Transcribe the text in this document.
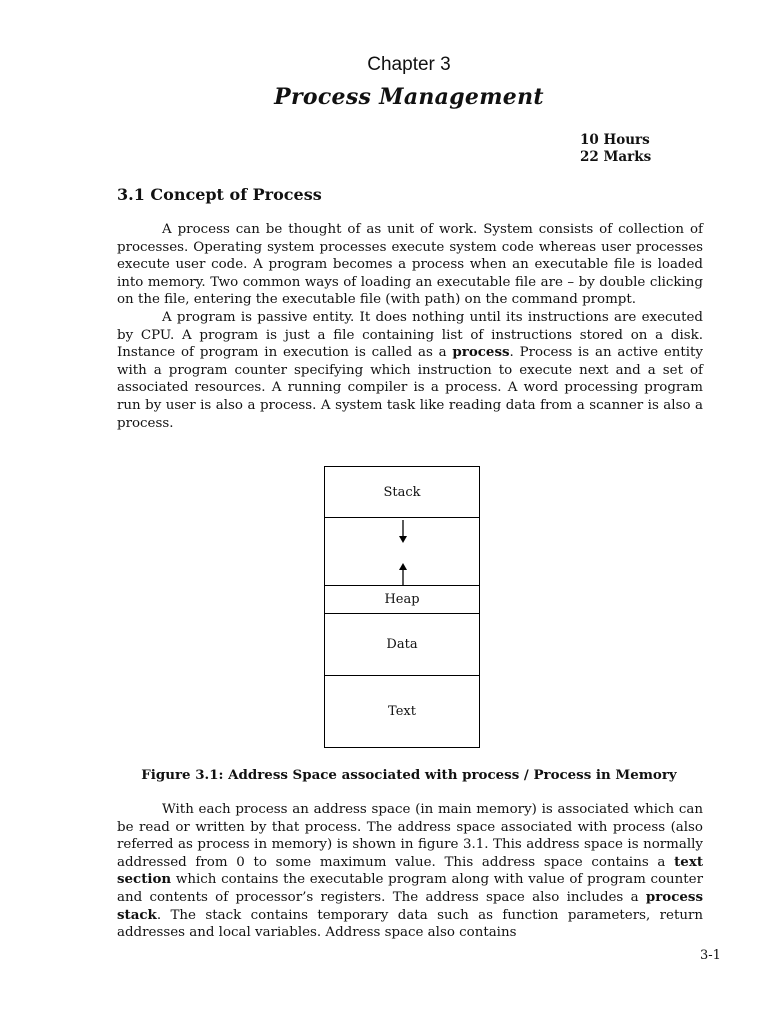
Chapter 3
Process Management
10 Hours
22 Marks
3.1 Concept of Process

A process can be thought of as unit of work. System consists of collection of processes. Operating system processes execute system code whereas user processes execute user code. A program becomes a process when an executable file is loaded into memory. Two common ways of loading an executable file are – by double clicking on the file, entering the executable file (with path) on the command prompt.

A program is passive entity. It does nothing until its instructions are executed by CPU. A program is just a file containing list of instructions stored on a disk. Instance of program in execution is called as a process. Process is an active entity with a program counter specifying which instruction to execute next and a set of associated resources. A running compiler is a process. A word processing program run by user is also a process. A system task like reading data from a scanner is also a process.

Stack
Heap
Data
Text
Figure 3.1: Address Space associated with process / Process in Memory

With each process an address space (in main memory) is associated which can be read or written by that process. The address space associated with process (also referred as process in memory) is shown in figure 3.1. This address space is normally addressed from 0 to some maximum value. This address space contains a text section which contains the executable program along with value of program counter and contents of processor’s registers. The address space also includes a process stack. The stack contains temporary data such as function parameters, return addresses and local variables. Address space also contains

3-1
